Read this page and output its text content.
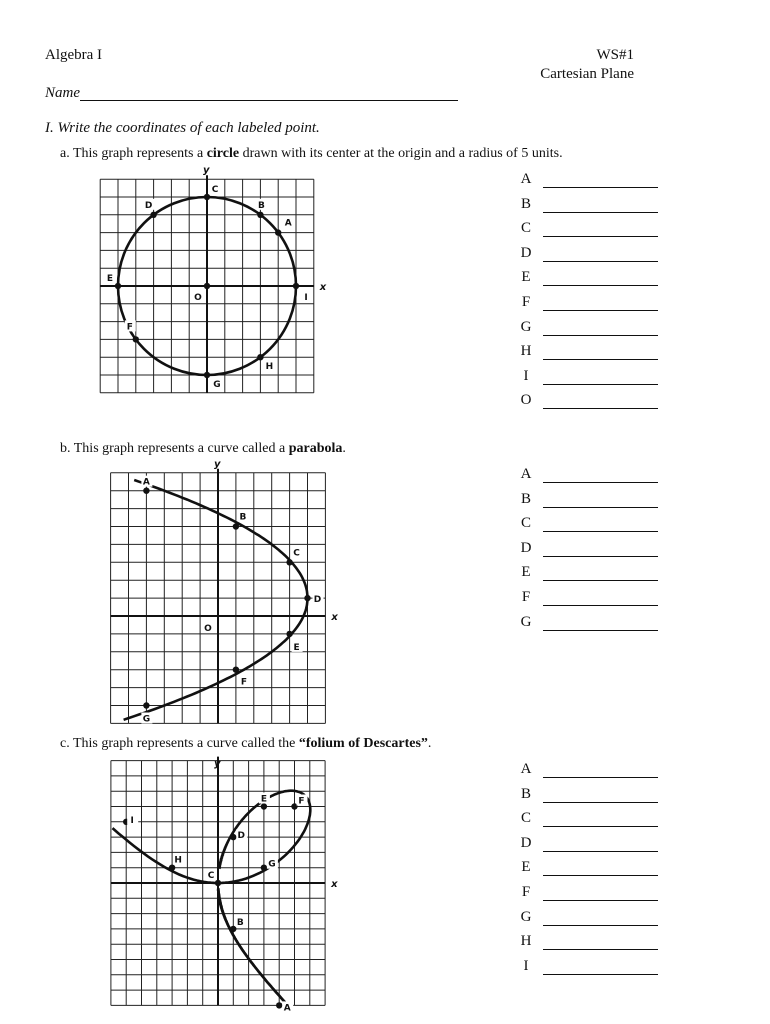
Algebra I	WS#1
Cartesian Plane
Name
I. Write the coordinates of each labeled point.
a. This graph represents a circle drawn with its center at the origin and a radius of 5 units.
x
y
A
B
C
D
E
F
G
H
I
O
A
B
C
D
E
F
G
H
I
O
b. This graph represents a curve called a parabola.
x
y
A
B
C
D
E
F
G
O
A
B
C
D
E
F
G
c. This graph represents a curve called the “folium of Descartes”.
x
y
A
B
C
D
E	F
G
H
I
A
B
C
D
E
F
G
H
I
